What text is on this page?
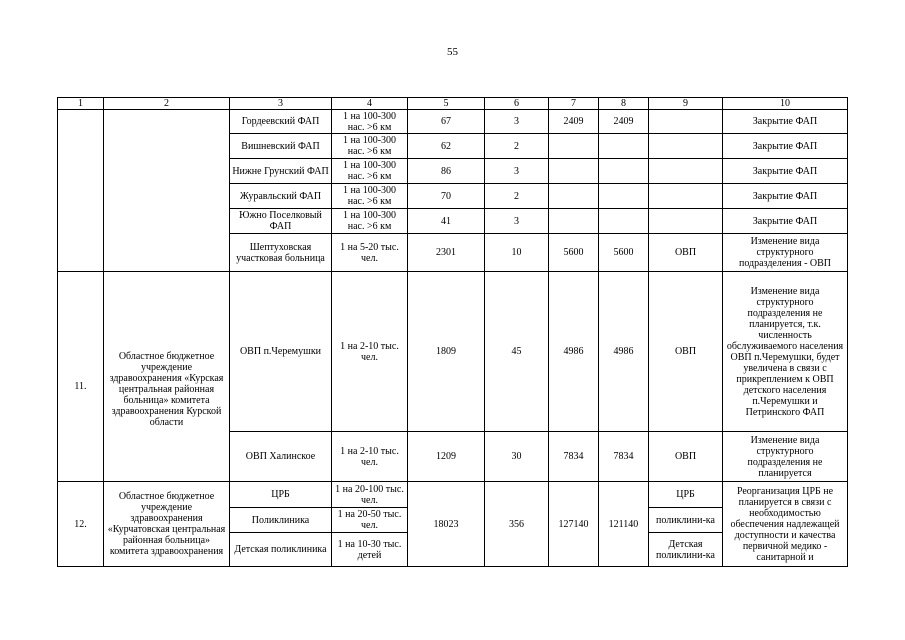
55
1	2	3	4	5	6	7	8	9	10
		Гордеевский ФАП	1 на 100-300 нас. >6 км	67	3	2409	2409		Закрытие ФАП
		Вишневский ФАП	1 на 100-300 нас. >6 км	62	2				Закрытие ФАП
		Нижне Грунский ФАП	1 на 100-300 нас. >6 км	86	3				Закрытие ФАП
		Журавльский ФАП	1 на 100-300 нас. >6 км	70	2				Закрытие ФАП
		Южно Поселковый ФАП	1 на 100-300 нас. >6 км	41	3				Закрытие ФАП
		Шептуховская участковая больница	1 на 5-20 тыс. чел.	2301	10	5600	5600	ОВП	Изменение вида структурного подразделения - ОВП
11.	Областное бюджетное учреждение здравоохранения «Курская центральная районная больница» комитета здравоохранения Курской области	ОВП п.Черемушки	1 на 2-10 тыс. чел.	1809	45	4986	4986	ОВП	Изменение вида структурного подразделения не планируется, т.к. численность обслуживаемого населения ОВП п.Черемушки, будет увеличена в связи с прикреплением к ОВП детского населения п.Черемушки и Петринского ФАП
		ОВП Халинское	1 на 2-10 тыс. чел.	1209	30	7834	7834	ОВП	Изменение вида структурного подразделения не планируется
12.	Областное бюджетное учреждение здравоохранения «Курчатовская центральная районная больница» комитета здравоохранения	ЦРБ	1 на 20-100 тыс. чел.	18023	356	127140	121140	ЦРБ	Реорганизация ЦРБ не планируется в связи с необходимостью обеспечения надлежащей доступности и качества первичной медико - санитарной и
		Поликлиника	1 на 20-50 тыс. чел.					поликлини-ка	
		Детская поликлиника	1 на 10-30 тыс. детей					Детская поликлини-ка	
